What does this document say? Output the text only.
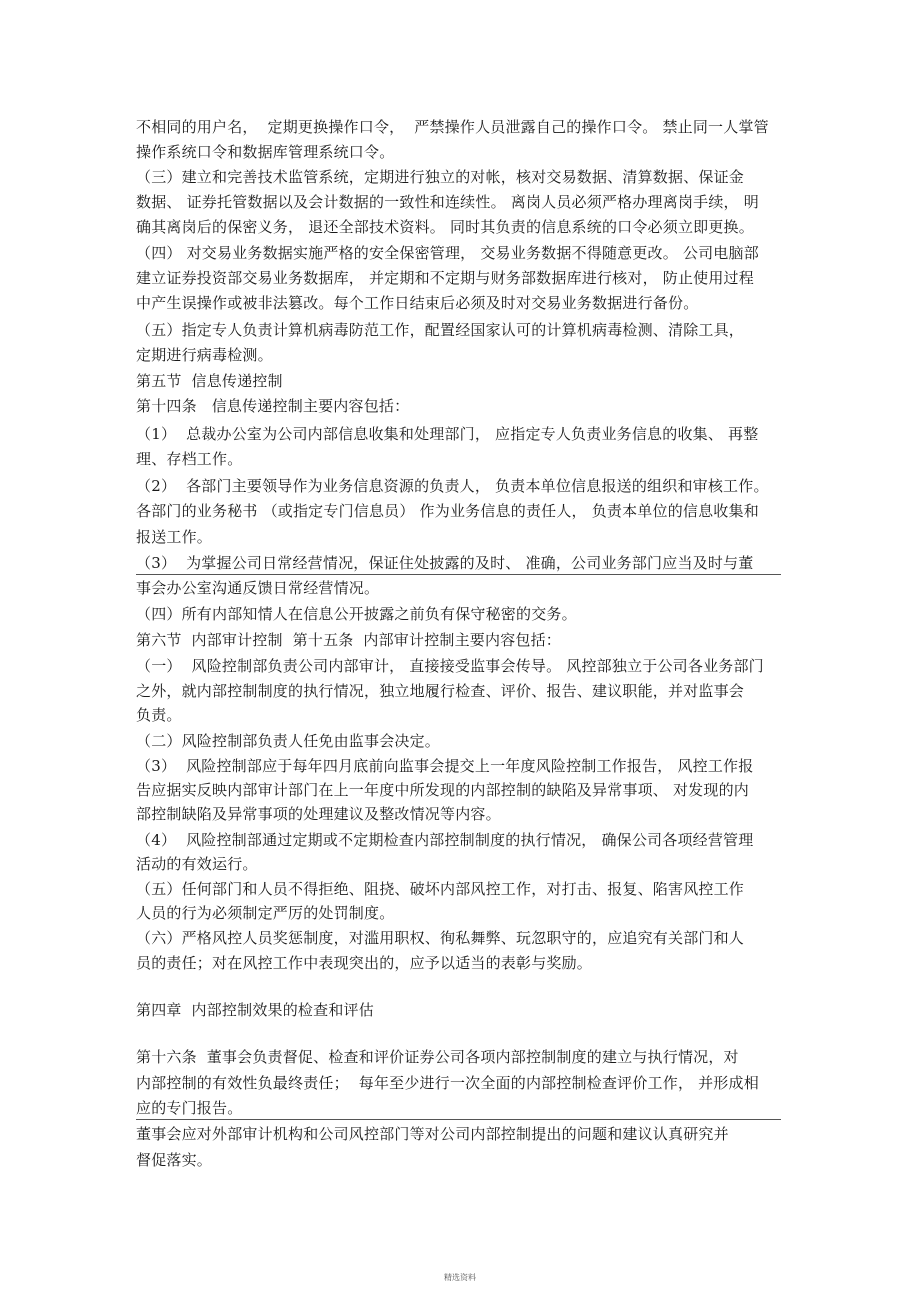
不相同的用户名，  定期更换操作口令，  严禁操作人员泄露自己的操作口令。 禁止同一人掌管
操作系统口令和数据库管理系统口令。
（三）建立和完善技术监管系统，定期进行独立的对帐，核对交易数据、清算数据、保证金
数据、 证券托管数据以及会计数据的一致性和连续性。 离岗人员必须严格办理离岗手续， 明
确其离岗后的保密义务， 退还全部技术资料。 同时其负责的信息系统的口令必须立即更换。
（四） 对交易业务数据实施严格的安全保密管理， 交易业务数据不得随意更改。 公司电脑部
建立证券投资部交易业务数据库， 并定期和不定期与财务部数据库进行核对， 防止使用过程
中产生误操作或被非法篡改。每个工作日结束后必须及时对交易业务数据进行备份。
（五）指定专人负责计算机病毒防范工作，配置经国家认可的计算机病毒检测、清除工具，
定期进行病毒检测。
第五节  信息传递控制
第十四条   信息传递控制主要内容包括：
（1）  总裁办公室为公司内部信息收集和处理部门， 应指定专人负责业务信息的收集、 再整
理、存档工作。
（2）  各部门主要领导作为业务信息资源的负责人， 负责本单位信息报送的组织和审核工作。
各部门的业务秘书 （或指定专门信息员） 作为业务信息的责任人， 负责本单位的信息收集和
报送工作。
（3）  为掌握公司日常经营情况，保证住处披露的及时、 准确，公司业务部门应当及时与董
事会办公室沟通反馈日常经营情况。
（四）所有内部知情人在信息公开披露之前负有保守秘密的交务。
第六节  内部审计控制  第十五条  内部审计控制主要内容包括：
（一）  风险控制部负责公司内部审计， 直接接受监事会传导。 风控部独立于公司各业务部门
之外，就内部控制制度的执行情况，独立地履行检查、评价、报告、建议职能，并对监事会
负责。
（二）风险控制部负责人任免由监事会决定。
（3）  风险控制部应于每年四月底前向监事会提交上一年度风险控制工作报告， 风控工作报
告应据实反映内部审计部门在上一年度中所发现的内部控制的缺陷及异常事项、 对发现的内
部控制缺陷及异常事项的处理建议及整改情况等内容。
（4）  风险控制部通过定期或不定期检查内部控制制度的执行情况， 确保公司各项经营管理
活动的有效运行。
（五）任何部门和人员不得拒绝、阻挠、破坏内部风控工作，对打击、报复、陷害风控工作
人员的行为必须制定严厉的处罚制度。
（六）严格风控人员奖惩制度，对滥用职权、徇私舞弊、玩忽职守的，应追究有关部门和人
员的责任；对在风控工作中表现突出的，应予以适当的表彰与奖励。
第四章  内部控制效果的检查和评估
第十六条  董事会负责督促、检查和评价证券公司各项内部控制制度的建立与执行情况，对
内部控制的有效性负最终责任；  每年至少进行一次全面的内部控制检查评价工作， 并形成相
应的专门报告。
董事会应对外部审计机构和公司风控部门等对公司内部控制提出的问题和建议认真研究并
督促落实。
精选资料
